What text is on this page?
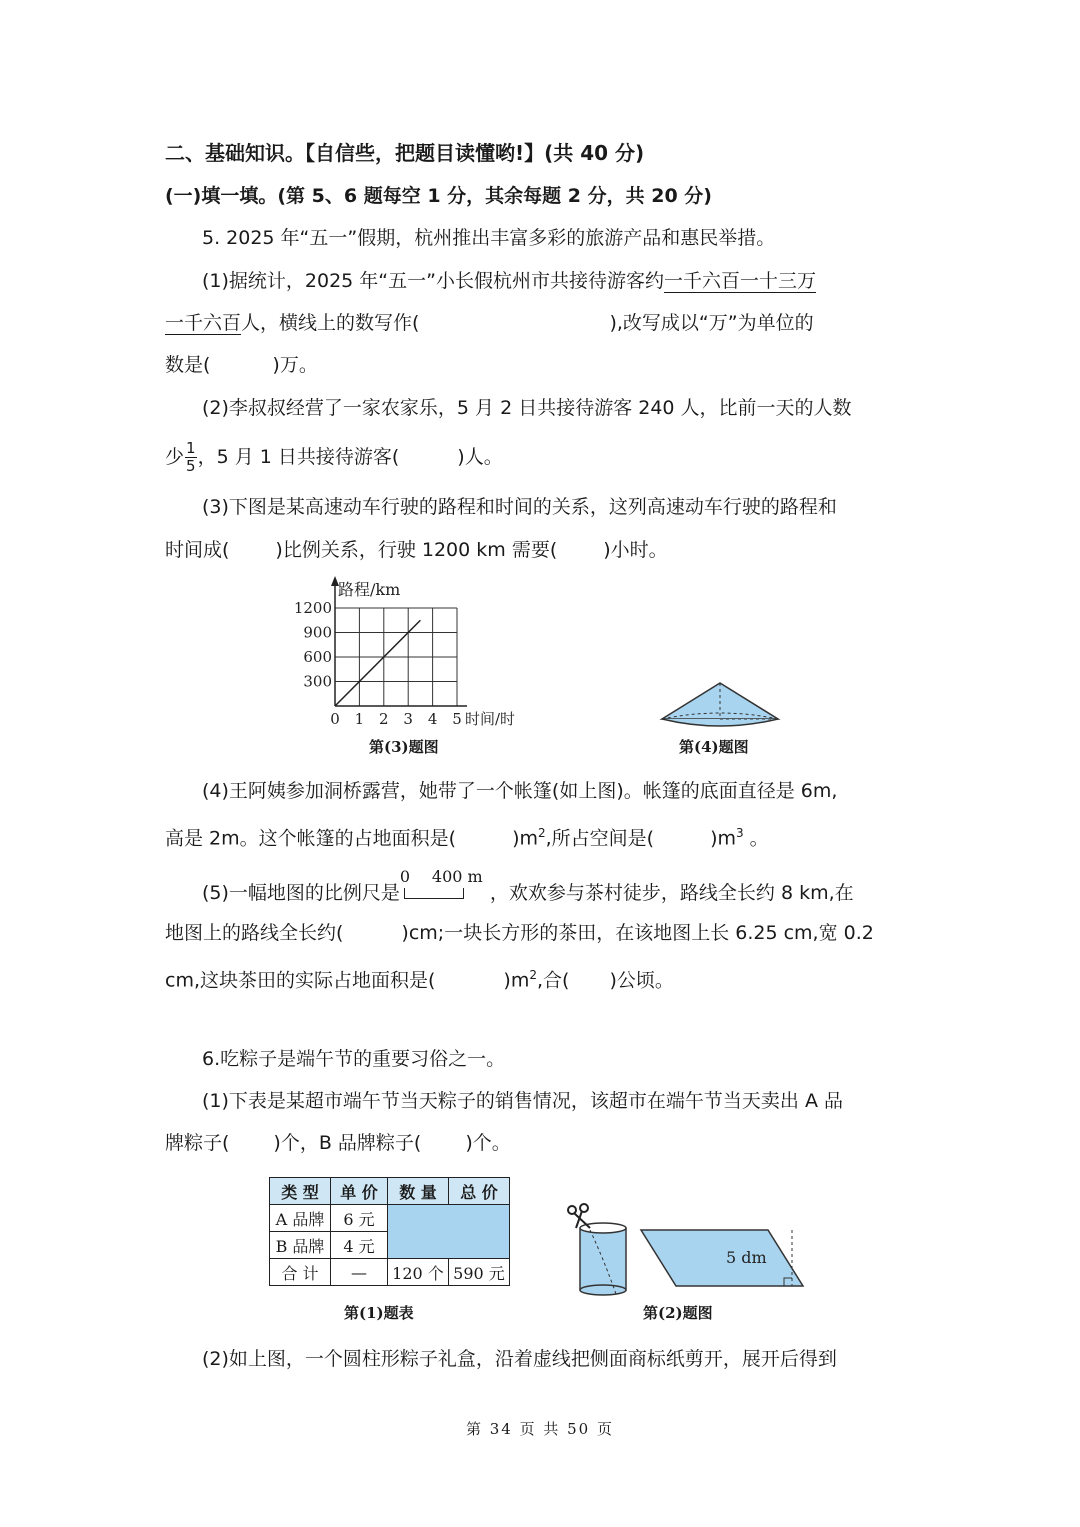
二、基础知识。【自信些，把题目读懂哟!】(共 40 分)
(一)填一填。(第 5、6 题每空 1 分，其余每题 2 分，共 20 分)
5. 2025 年“五一”假期，杭州推出丰富多彩的旅游产品和惠民举措。
(1)据统计，2025 年“五一”小长假杭州市共接待游客约一千六百一十三万
一千六百人，横线上的数写作(	),改写成以“万”为单位的
数是(	)万。
(2)李叔叔经营了一家农家乐，5 月 2 日共接待游客 240 人，比前一天的人数
少 $\frac{1}{5}$ ，5 月 1 日共接待游客(	)人。
(3)下图是某高速动车行驶的路程和时间的关系，这列高速动车行驶的路程和
时间成( )比例关系，行驶 1200 km 需要( )小时。
0 1 2 3 4 5
300
600
900
1200
路程/km
时间/时
第(3)题图	第(4)题图
(4)王阿姨参加洞桥露营，她带了一个帐篷(如上图)。帐篷的底面直径是 6m,
高是 2m。这个帐篷的占地面积是(	)$m^2$,所占空间是(	)$m^3$ 。
(5)一幅地图的比例尺是
0 400 m
，欢欢参与茶村徒步，路线全长约 8 km,在
地图上的路线全长约(	)cm;一块长方形的茶田，在该地图上长 6.25 cm,宽 0.2
cm,这块茶田的实际占地面积是(	)$m^2$,合( )公顷。
6.吃粽子是端午节的重要习俗之一。
(1)下表是某超市端午节当天粽子的销售情况，该超市在端午节当天卖出 A 品
牌粽子( )个，B 品牌粽子( )个。
类 型	单 价	数 量	总 价
A 品牌	6 元		
B 品牌	4 元		
合 计	—	120 个	590 元
第(1)题表
5 dm
第(2)题图
(2)如上图，一个圆柱形粽子礼盒，沿着虚线把侧面商标纸剪开，展开后得到
第 34 页 共 50 页
